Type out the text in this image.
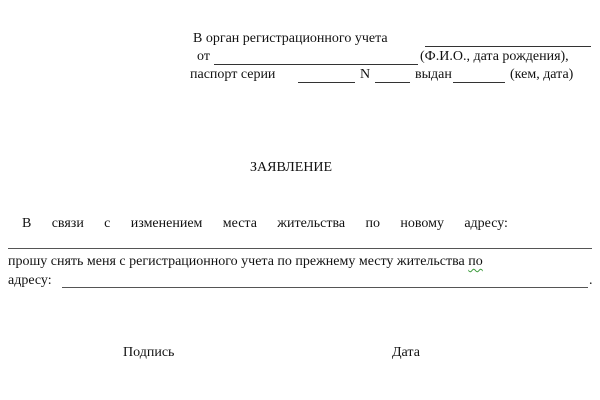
В орган регистрационного учета
от	(Ф.И.О., дата рождения),
паспорт серии	N	выдан	(кем, дата)
ЗАЯВЛЕНИЕ
В связи с изменением места жительства по новому адресу:
прошу снять меня с регистрационного учета по прежнему месту жительства по
адресу:	.
Подпись	Дата
